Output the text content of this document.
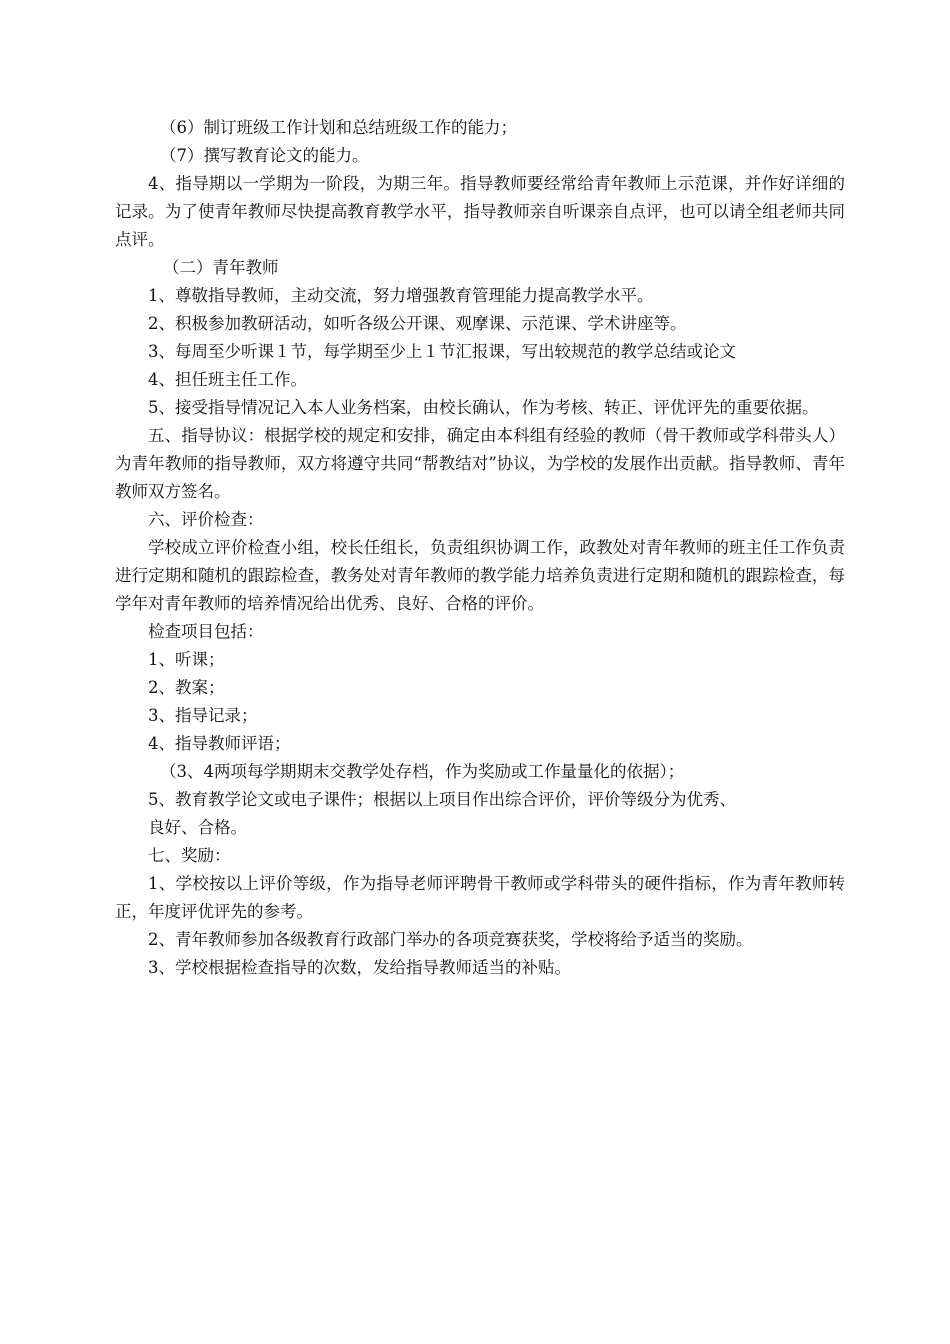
（6）制订班级工作计划和总结班级工作的能力；

（7）撰写教育论文的能力。

4、指导期以一学期为一阶段，为期三年。指导教师要经常给青年教师上示范课，并作好详细的记录。为了使青年教师尽快提高教育教学水平，指导教师亲自听课亲自点评，也可以请全组老师共同点评。

（二）青年教师

1、尊敬指导教师，主动交流，努力增强教育管理能力提高教学水平。

2、积极参加教研活动，如听各级公开课、观摩课、示范课、学术讲座等。

3、每周至少听课１节，每学期至少上１节汇报课，写出较规范的教学总结或论文

4、担任班主任工作。

5、接受指导情况记入本人业务档案，由校长确认，作为考核、转正、评优评先的重要依据。

五、指导协议：根据学校的规定和安排，确定由本科组有经验的教师（骨干教师或学科带头人）为青年教师的指导教师，双方将遵守共同“帮教结对”协议，为学校的发展作出贡献。指导教师、青年教师双方签名。

六、评价检查：

学校成立评价检查小组，校长任组长，负责组织协调工作，政教处对青年教师的班主任工作负责进行定期和随机的跟踪检查，教务处对青年教师的教学能力培养负责进行定期和随机的跟踪检查，每学年对青年教师的培养情况给出优秀、良好、合格的评价。

检查项目包括：

1、听课；

2、教案；

3、指导记录；

4、指导教师评语；

（3、4两项每学期期末交教学处存档，作为奖励或工作量量化的依据）；

5、教育教学论文或电子课件；根据以上项目作出综合评价，评价等级分为优秀、

良好、合格。

七、奖励：

1、学校按以上评价等级，作为指导老师评聘骨干教师或学科带头的硬件指标，作为青年教师转正，年度评优评先的参考。

2、青年教师参加各级教育行政部门举办的各项竞赛获奖，学校将给予适当的奖励。

3、学校根据检查指导的次数，发给指导教师适当的补贴。
